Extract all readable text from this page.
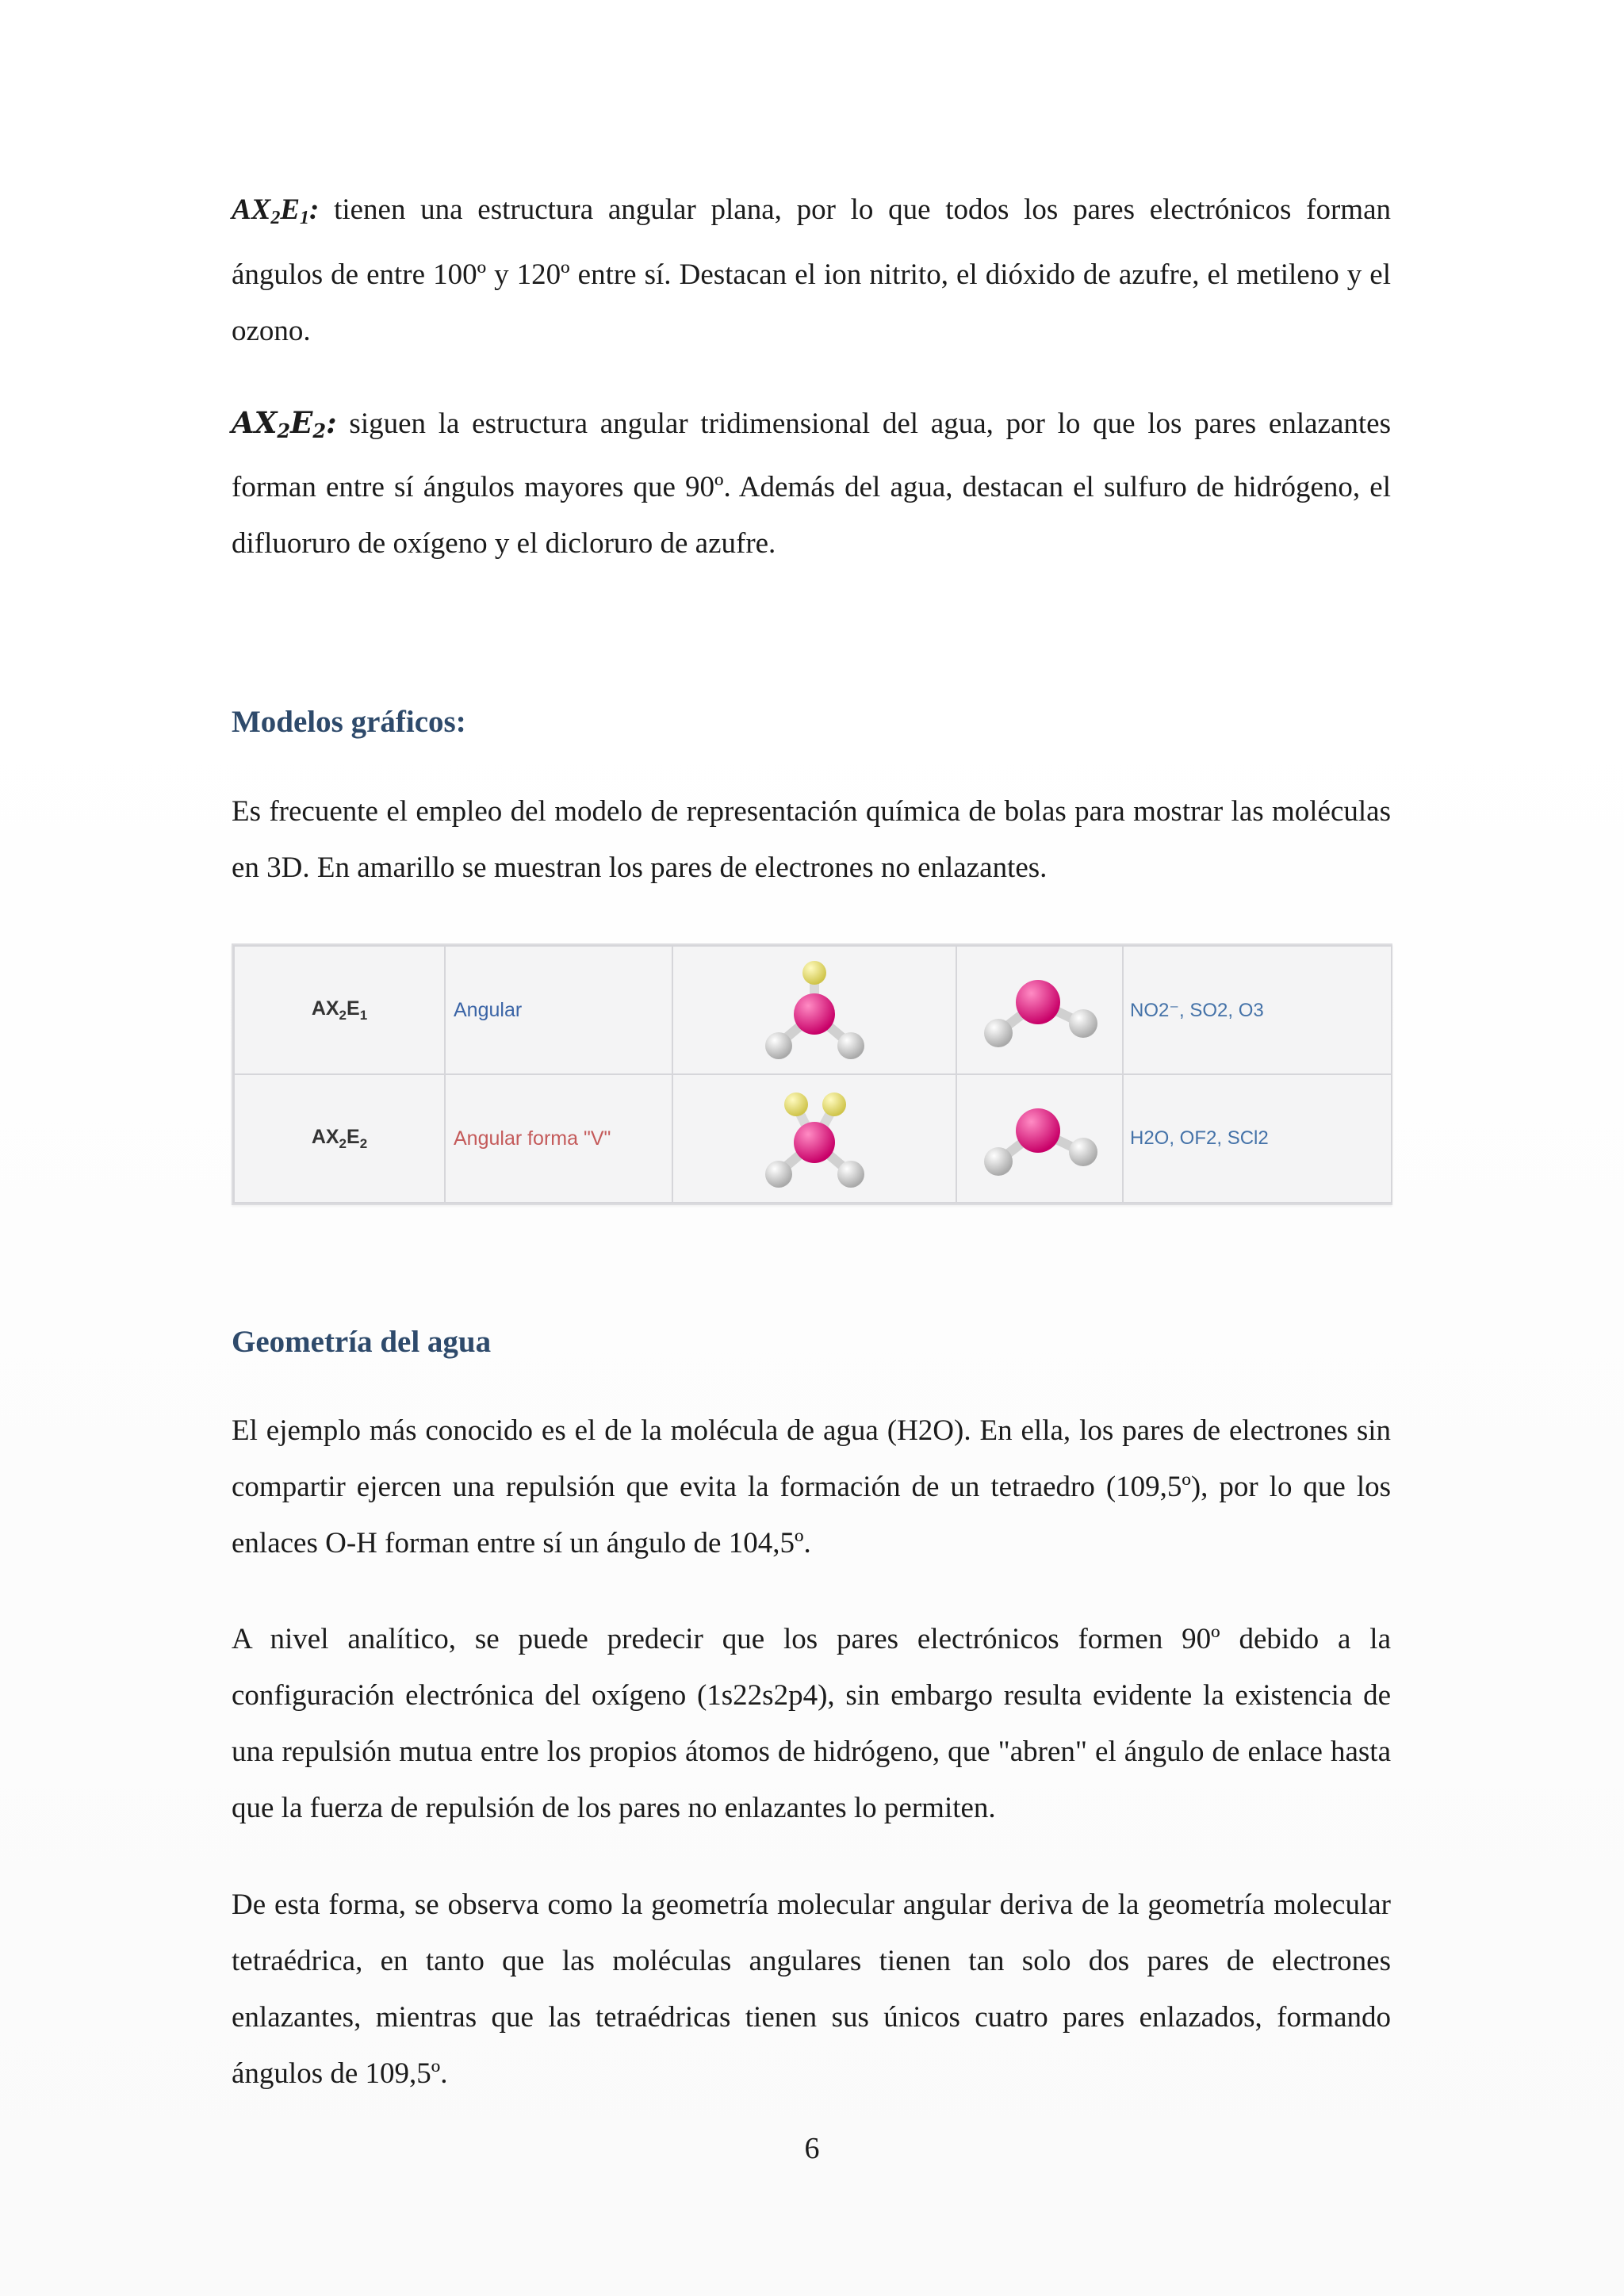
$AX_2E_1$: tienen una estructura angular plana, por lo que todos los pares electrónicos forman ángulos de entre 100º y 120º entre sí. Destacan el ion nitrito, el dióxido de azufre, el metileno y el ozono.

$AX_2E_2$: siguen la estructura angular tridimensional del agua, por lo que los pares enlazantes forman entre sí ángulos mayores que 90º. Además del agua, destacan el sulfuro de hidrógeno, el difluoruro de oxígeno y el dicloruro de azufre.

Modelos gráficos:

Es frecuente el empleo del modelo de representación química de bolas para mostrar las moléculas en 3D. En amarillo se muestran los pares de electrones no enlazantes.

$AX_2E_1$	Angular			NO2⁻, SO2, O3
$AX_2E_2$	Angular forma "V"			H2O, OF2, SCl2
Geometría del agua

El ejemplo más conocido es el de la molécula de agua (H2O). En ella, los pares de electrones sin compartir ejercen una repulsión que evita la formación de un tetraedro (109,5º), por lo que los enlaces O-H forman entre sí un ángulo de 104,5º.

A nivel analítico, se puede predecir que los pares electrónicos formen 90º debido a la configuración electrónica del oxígeno (1s22s2p4), sin embargo resulta evidente la existencia de una repulsión mutua entre los propios átomos de hidrógeno, que "abren" el ángulo de enlace hasta que la fuerza de repulsión de los pares no enlazantes lo permiten.

De esta forma, se observa como la geometría molecular angular deriva de la geometría molecular tetraédrica, en tanto que las moléculas angulares tienen tan solo dos pares de electrones enlazantes, mientras que las tetraédricas tienen sus únicos cuatro pares enlazados, formando ángulos de 109,5º.

6
